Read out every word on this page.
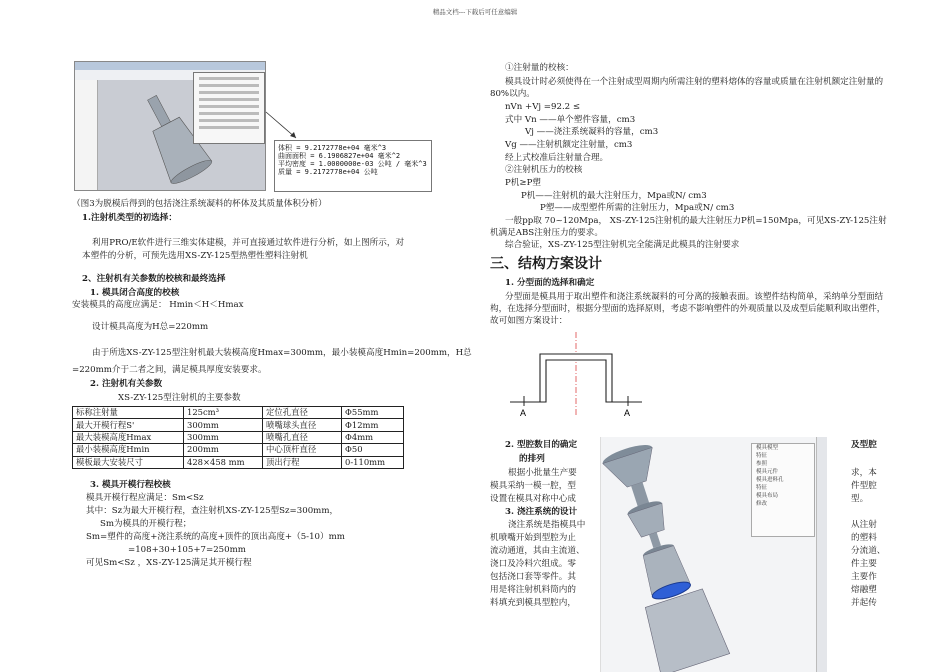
精品文档---下载后可任意编辑
体积 = 9.2172778e+04 毫米^3
曲面面积 = 6.1906827e+04 毫米^2
平均密度 = 1.0000000e-03 公吨 / 毫米^3
质量 = 9.2172778e+04 公吨
（图3为脱模后得到的包括浇注系统凝料的杯体及其质量体积分析）
1.注射机类型的初选择：
利用PRO/E软件进行三维实体建模，并可直接通过软件进行分析，如上图所示，对本塑件的分析，可预先选用XS-ZY-125型热塑性塑料注射机
2、注射机有关参数的校核和最终选择
1. 模具闭合高度的校核
安装模具的高度应满足： Hmin＜H＜Hmax
设计模具高度为H总=220mm
由于所选XS-ZY-125型注射机最大装模高度Hmax=300mm，最小装模高度Hmin=200mm，H总
=220mm介于二者之间，满足模具厚度安装要求。
2. 注射机有关参数
XS-ZY-125型注射机的主要参数
标称注射量	125cm³	定位孔直径	Φ55mm
最大开模行程S'	300mm	喷嘴球头直径	Φ12mm
最大装模高度Hmax	300mm	喷嘴孔直径	Φ4mm
最小装模高度Hmin	200mm	中心顶杆直径	Φ50
模板最大安装尺寸	428×458 mm	顶出行程	0-110mm
3. 模具开模行程校核
模具开模行程应满足：Sm<Sz
其中：Sz为最大开模行程，查注射机XS-ZY-125型Sz=300mm，
Sm为模具的开模行程；
Sm=塑件的高度+浇注系统的高度+顶件的顶出高度+（5-10）mm
=108+30+105+7=250mm
可见Sm<Sz ，XS-ZY-125满足其开模行程
①注射量的校核：
模具设计时必须使得在一个注射成型周期内所需注射的塑料熔体的容量或质量在注射机额定注射量的80%以内。
nVn +Vj =92.2 ≤
式中 Vn ——单个塑件容量，cm3
Vj ——浇注系统凝料的容量，cm3
Vg ——注射机额定注射量，cm3
经上式校准后注射量合理。
②注射机压力的校核
P机≥P塑
P机——注射机的最大注射压力，Mpa或N/ cm3
P塑——成型塑件所需的注射压力，Mpa或N/ cm3
一般pp取 70~120Mpa， XS-ZY-125注射机的最大注射压力P机=150Mpa，可见XS-ZY-125注射机满足ABS注射压力的要求。
综合验证，XS-ZY-125型注射机完全能满足此模具的注射要求
三、结构方案设计
1. 分型面的选择和确定
分型面是模具用于取出塑件和浇注系统凝料的可分离的接触表面。该塑件结构简单，采纳单分型面结构，在选择分型面时，根据分型面的选择原则，考虑不影响塑件的外观质量以及成型后能顺利取出塑件，故可如图方案设计：
A	A
2. 型腔数目的确定	及型腔
的排列
根据小批量生产要	求，本
模具采纳一模一腔，型	件型腔
设置在模具对称中心成	型。
3. 浇注系统的设计
从注射
浇注系统是指模具中
机喷嘴开始到型腔为止	的塑料
流动通道，其由主流道、	分流道、
浇口及冷料穴组成。零	件主要
包括浇口套等零件。其	主要作
用是将注射机料筒内的	熔融塑
料填充到模具型腔内，	并起传
模具模型
特征
参照
模具元件
模具进料孔
特征
模具布局
修改
